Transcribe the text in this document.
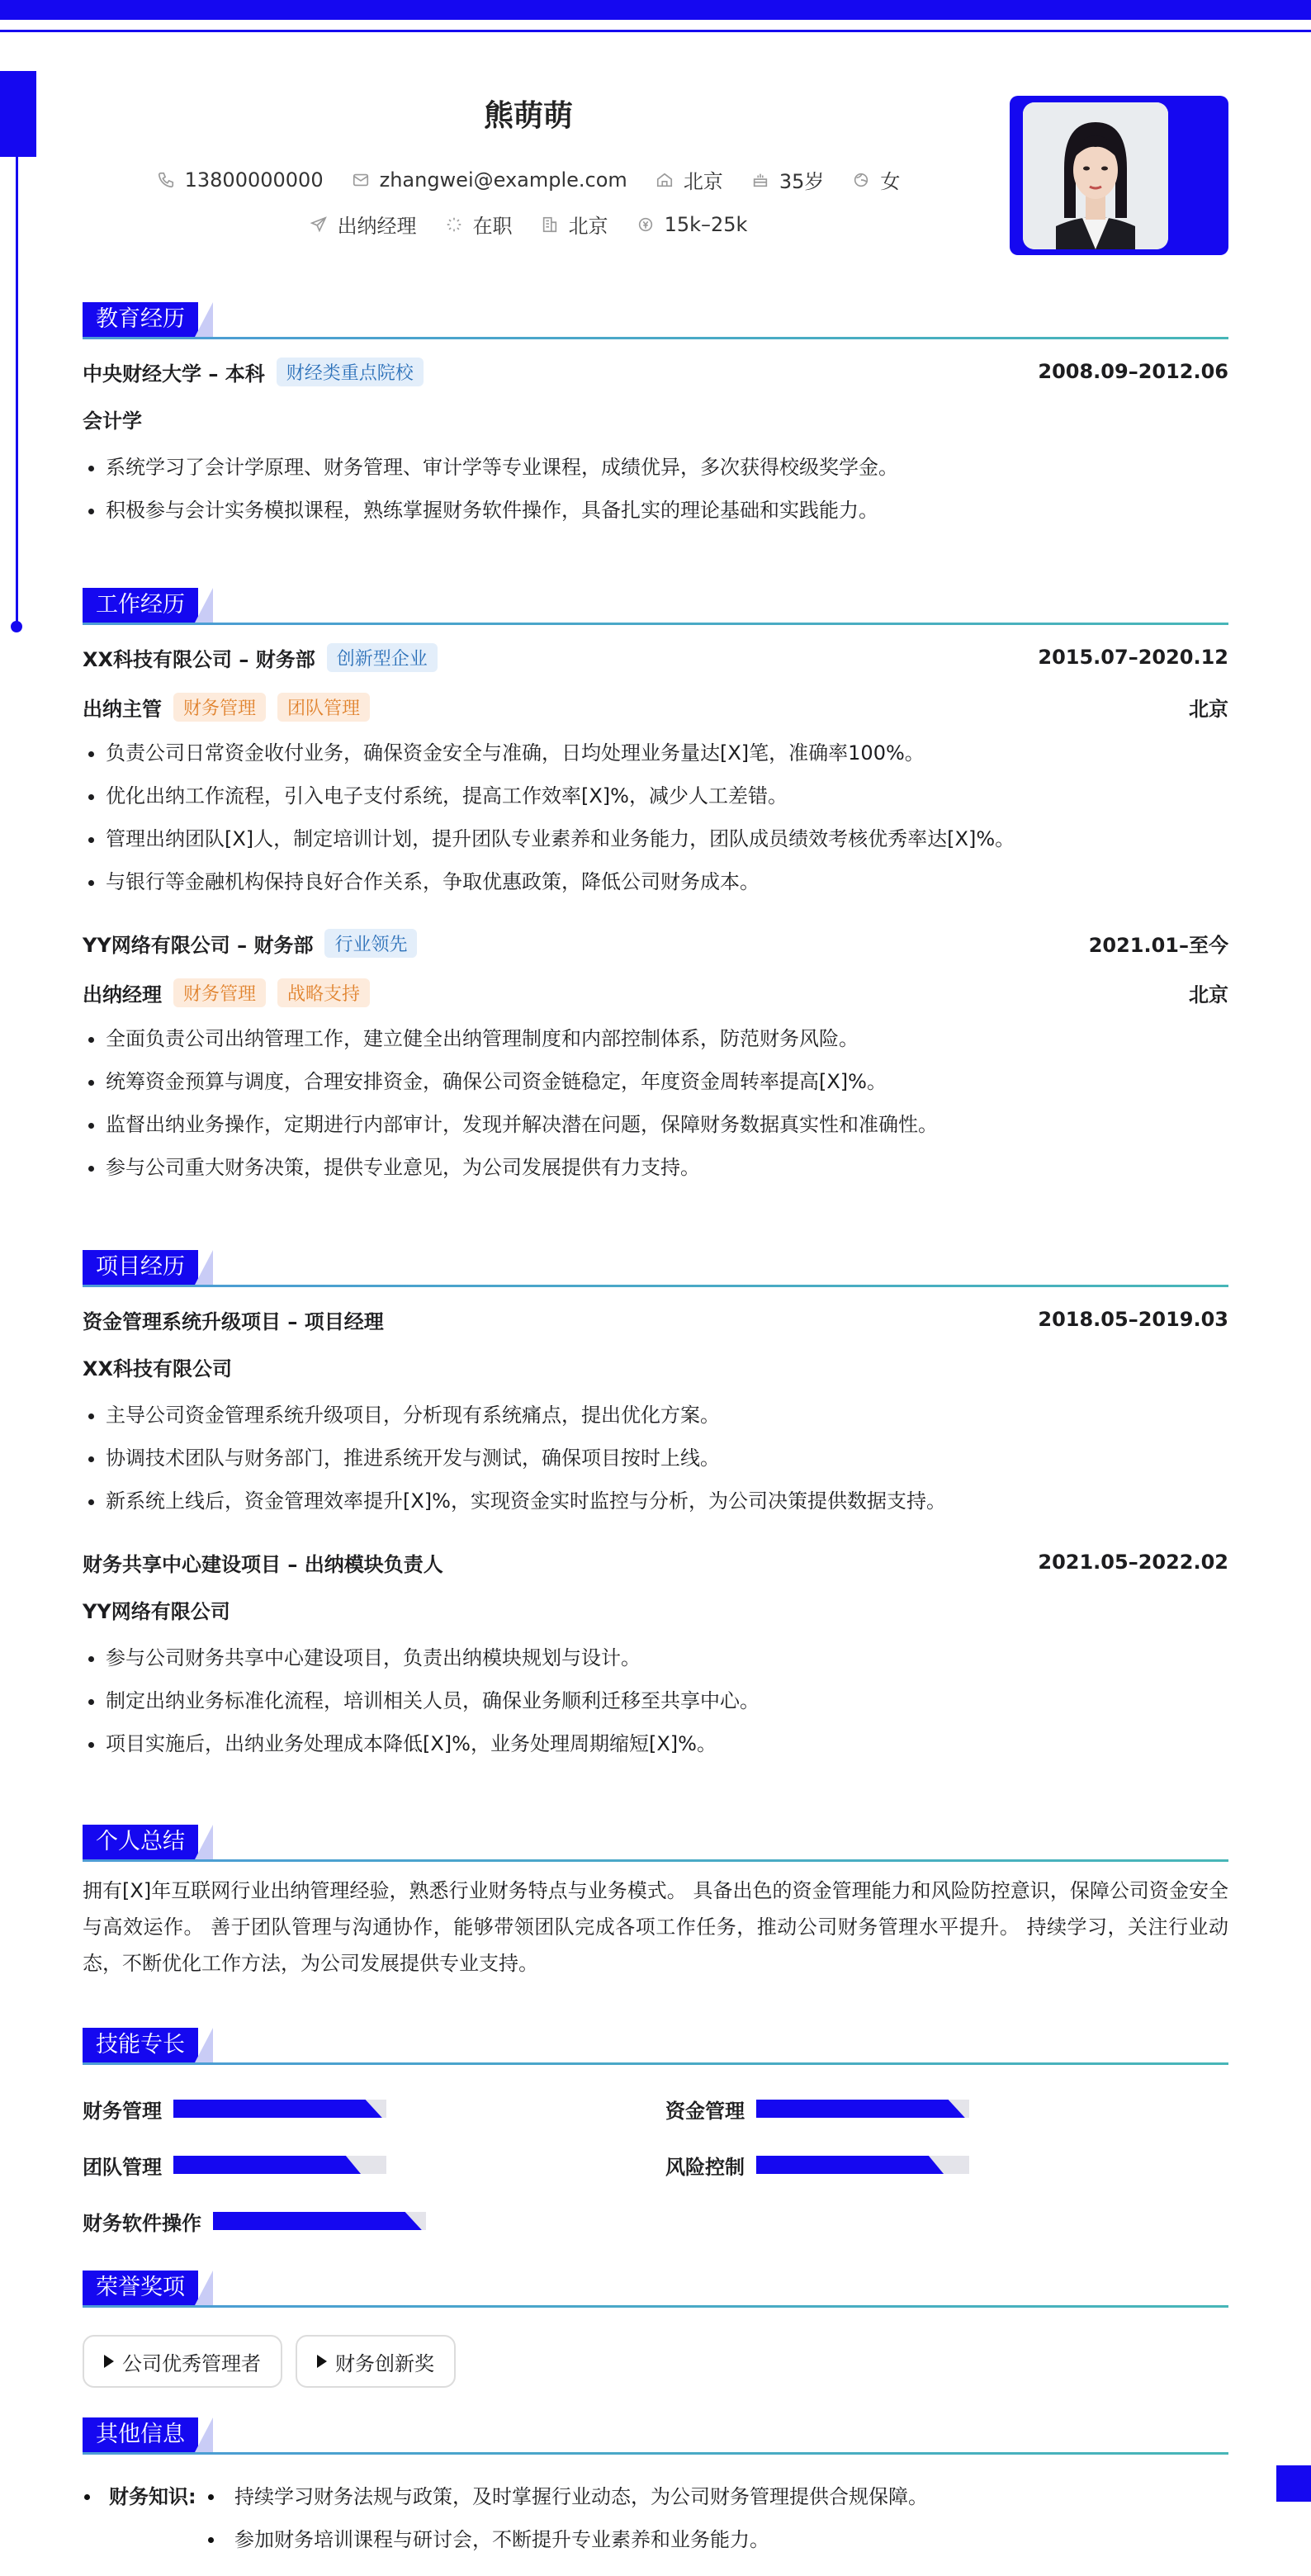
熊萌萌
13800000000	zhangwei@example.com	北京	35岁	女
出纳经理	在职	北京	15k–25k
教育经历
中央财经大学 – 本科	财经类重点院校	2008.09–2012.06
会计学
• 系统学习了会计学原理、财务管理、审计学等专业课程，成绩优异，多次获得校级奖学金。
• 积极参与会计实务模拟课程，熟练掌握财务软件操作，具备扎实的理论基础和实践能力。
工作经历
XX科技有限公司 – 财务部	创新型企业	2015.07–2020.12
出纳主管	财务管理	团队管理	北京
• 负责公司日常资金收付业务，确保资金安全与准确，日均处理业务量达[X]笔，准确率100%。
• 优化出纳工作流程，引入电子支付系统，提高工作效率[X]%，减少人工差错。
• 管理出纳团队[X]人，制定培训计划，提升团队专业素养和业务能力，团队成员绩效考核优秀率达[X]%。
• 与银行等金融机构保持良好合作关系，争取优惠政策，降低公司财务成本。
YY网络有限公司 – 财务部	行业领先	2021.01–至今
出纳经理	财务管理	战略支持	北京
• 全面负责公司出纳管理工作，建立健全出纳管理制度和内部控制体系，防范财务风险。
• 统筹资金预算与调度，合理安排资金，确保公司资金链稳定，年度资金周转率提高[X]%。
• 监督出纳业务操作，定期进行内部审计，发现并解决潜在问题，保障财务数据真实性和准确性。
• 参与公司重大财务决策，提供专业意见，为公司发展提供有力支持。
项目经历
资金管理系统升级项目 – 项目经理	2018.05–2019.03
XX科技有限公司
• 主导公司资金管理系统升级项目，分析现有系统痛点，提出优化方案。
• 协调技术团队与财务部门，推进系统开发与测试，确保项目按时上线。
• 新系统上线后，资金管理效率提升[X]%，实现资金实时监控与分析，为公司决策提供数据支持。
财务共享中心建设项目 – 出纳模块负责人	2021.05–2022.02
YY网络有限公司
• 参与公司财务共享中心建设项目，负责出纳模块规划与设计。
• 制定出纳业务标准化流程，培训相关人员，确保业务顺利迁移至共享中心。
• 项目实施后，出纳业务处理成本降低[X]%，业务处理周期缩短[X]%。
个人总结
拥有[X]年互联网行业出纳管理经验，熟悉行业财务特点与业务模式。 具备出色的资金管理能力和风险防控意识，保障公司资金安全与高效运作。 善于团队管理与沟通协作，能够带领团队完成各项工作任务，推动公司财务管理水平提升。 持续学习，关注行业动态，不断优化工作方法，为公司发展提供专业支持。
技能专长
财务管理	资金管理
团队管理	风险控制
财务软件操作
荣誉奖项
公司优秀管理者	财务创新奖
其他信息
财务知识: 持续学习财务法规与政策，及时掌握行业动态，为公司财务管理提供合规保障。
参加财务培训课程与研讨会，不断提升专业素养和业务能力。
